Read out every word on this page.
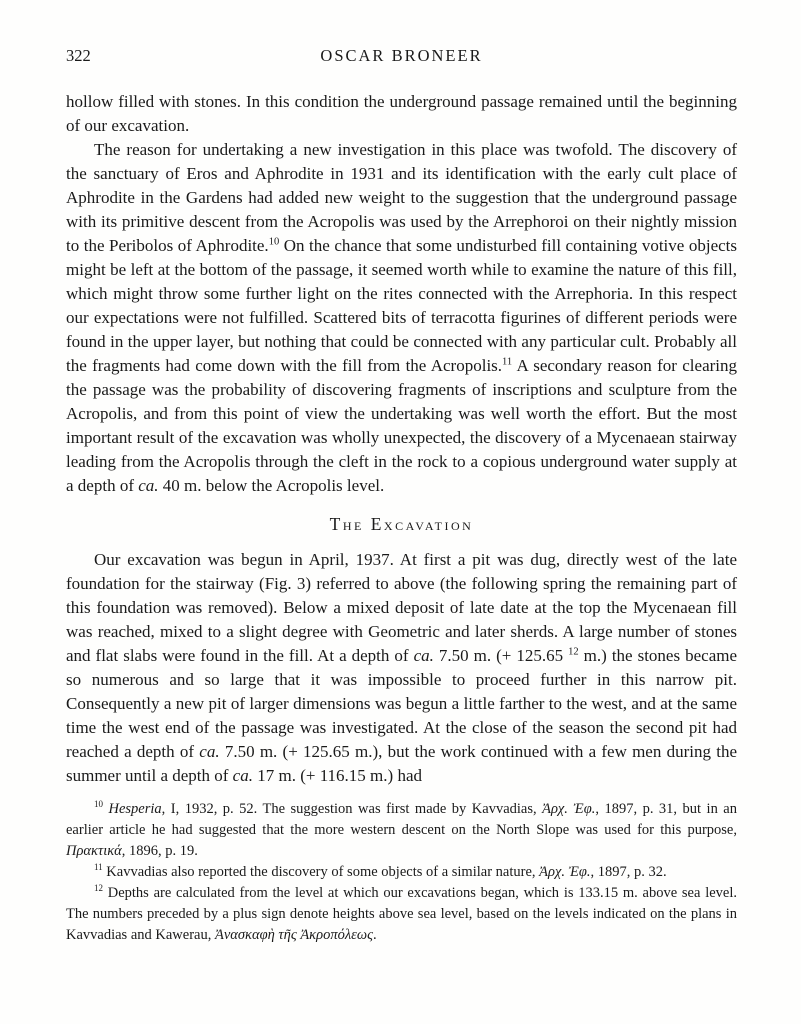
322	OSCAR BRONEER

hollow filled with stones. In this condition the underground passage remained until the beginning of our excavation.

The reason for undertaking a new investigation in this place was twofold. The discovery of the sanctuary of Eros and Aphrodite in 1931 and its identification with the early cult place of Aphrodite in the Gardens had added new weight to the suggestion that the underground passage with its primitive descent from the Acropolis was used by the Arrephoroi on their nightly mission to the Peribolos of Aphrodite.$^{10}$ On the chance that some undisturbed fill containing votive objects might be left at the bottom of the passage, it seemed worth while to examine the nature of this fill, which might throw some further light on the rites connected with the Arrephoria. In this respect our expectations were not fulfilled. Scattered bits of terracotta figurines of different periods were found in the upper layer, but nothing that could be connected with any particular cult. Probably all the fragments had come down with the fill from the Acropolis.$^{11}$ A secondary reason for clearing the passage was the probability of discovering fragments of inscriptions and sculpture from the Acropolis, and from this point of view the undertaking was well worth the effort. But the most important result of the excavation was wholly unexpected, the discovery of a Mycenaean stairway leading from the Acropolis through the cleft in the rock to a copious underground water supply at a depth of ca. 40 m. below the Acropolis level.

The Excavation

Our excavation was begun in April, 1937. At first a pit was dug, directly west of the late foundation for the stairway (Fig. 3) referred to above (the following spring the remaining part of this foundation was removed). Below a mixed deposit of late date at the top the Mycenaean fill was reached, mixed to a slight degree with Geometric and later sherds. A large number of stones and flat slabs were found in the fill. At a depth of ca. 7.50 m. (+ 125.65 $^{12}$ m.) the stones became so numerous and so large that it was impossible to proceed further in this narrow pit. Consequently a new pit of larger dimensions was begun a little farther to the west, and at the same time the west end of the passage was investigated. At the close of the season the second pit had reached a depth of ca. 7.50 m. (+ 125.65 m.), but the work continued with a few men during the summer until a depth of ca. 17 m. (+ 116.15 m.) had

$^{10}$ Hesperia, I, 1932, p. 52. The suggestion was first made by Kavvadias, Ἀρχ. Ἐφ., 1897, p. 31, but in an earlier article he had suggested that the more western descent on the North Slope was used for this purpose, Πρακτικά, 1896, p. 19.

$^{11}$ Kavvadias also reported the discovery of some objects of a similar nature, Ἀρχ. Ἐφ., 1897, p. 32.

$^{12}$ Depths are calculated from the level at which our excavations began, which is 133.15 m. above sea level. The numbers preceded by a plus sign denote heights above sea level, based on the levels indicated on the plans in Kavvadias and Kawerau, Ἀνασκαφὴ τῆς Ἀκροπόλεως.
